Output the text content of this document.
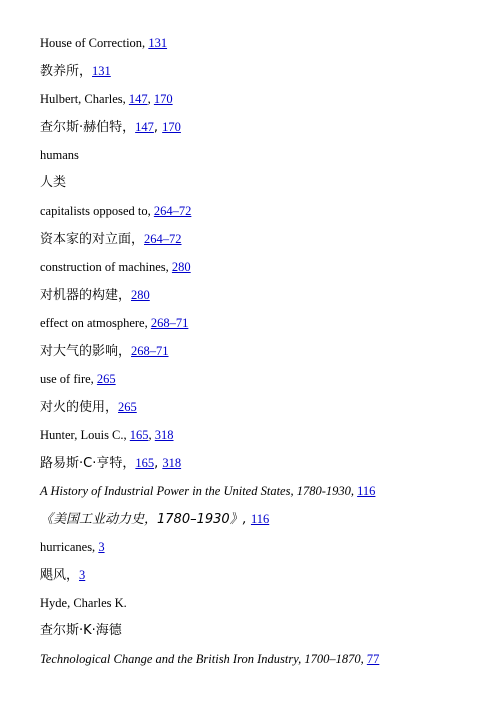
House of Correction, 131
教养所，131
Hulbert, Charles, 147, 170
查尔斯·赫伯特，147, 170
humans
人类
capitalists opposed to, 264–72
资本家的对立面，264–72
construction of machines, 280
对机器的构建，280
effect on atmosphere, 268–71
对大气的影响，268–71
use of fire, 265
对火的使用，265
Hunter, Louis C., 165, 318
路易斯·C·亨特，165, 318
A History of Industrial Power in the United States, 1780-1930, 116
《美国工业动力史，1780–1930》, 116
hurricanes, 3
飓风，3
Hyde, Charles K.
查尔斯·K·海德
Technological Change and the British Iron Industry, 1700–1870, 77
